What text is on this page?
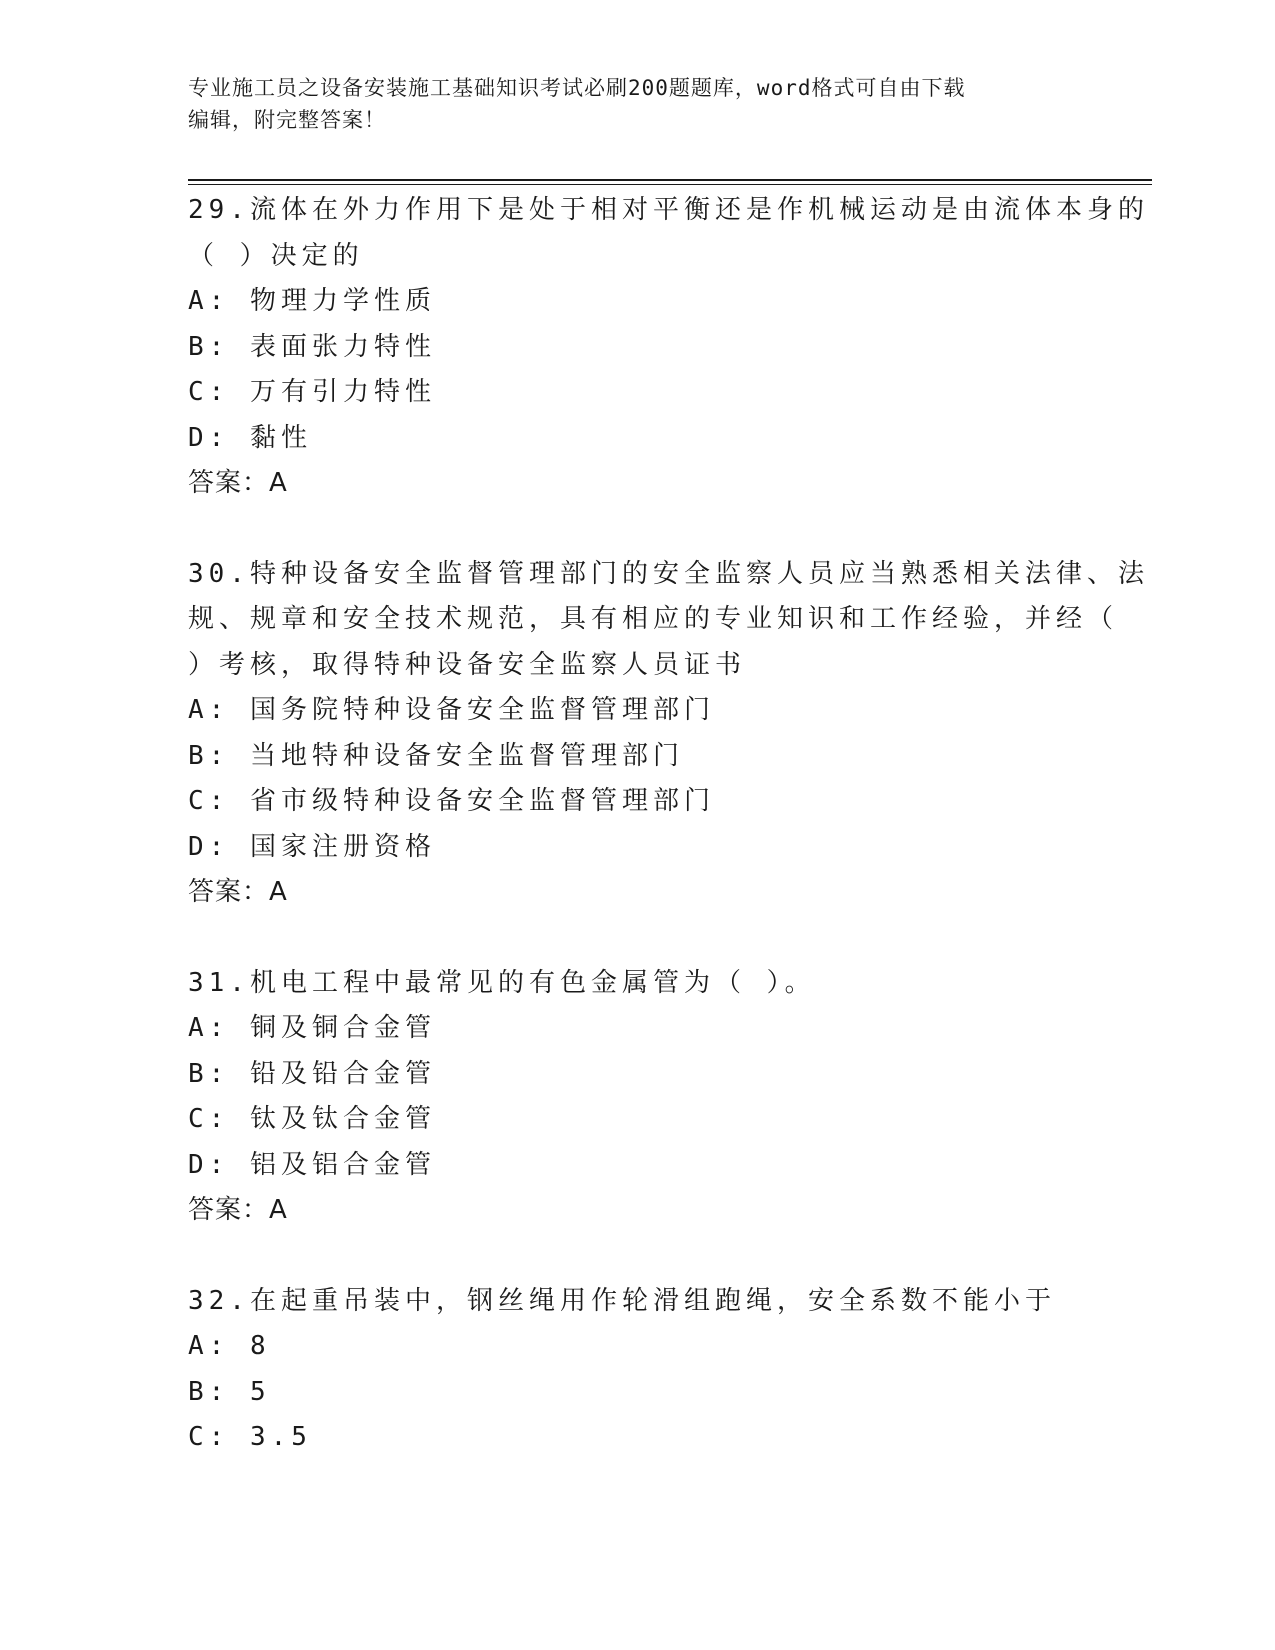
专业施工员之设备安装施工基础知识考试必刷200题题库，word格式可自由下载
编辑，附完整答案！
29.流体在外力作用下是处于相对平衡还是作机械运动是由流体本身的
（ ）决定的
A: 物理力学性质
B: 表面张力特性
C: 万有引力特性
D: 黏性
答案：A
30.特种设备安全监督管理部门的安全监察人员应当熟悉相关法律、法
规、规章和安全技术规范，具有相应的专业知识和工作经验，并经（
）考核，取得特种设备安全监察人员证书
A: 国务院特种设备安全监督管理部门
B: 当地特种设备安全监督管理部门
C: 省市级特种设备安全监督管理部门
D: 国家注册资格
答案：A
31.机电工程中最常见的有色金属管为（ ）。
A: 铜及铜合金管
B: 铅及铅合金管
C: 钛及钛合金管
D: 铝及铝合金管
答案：A
32.在起重吊装中，钢丝绳用作轮滑组跑绳，安全系数不能小于
A: 8
B: 5
C: 3.5
